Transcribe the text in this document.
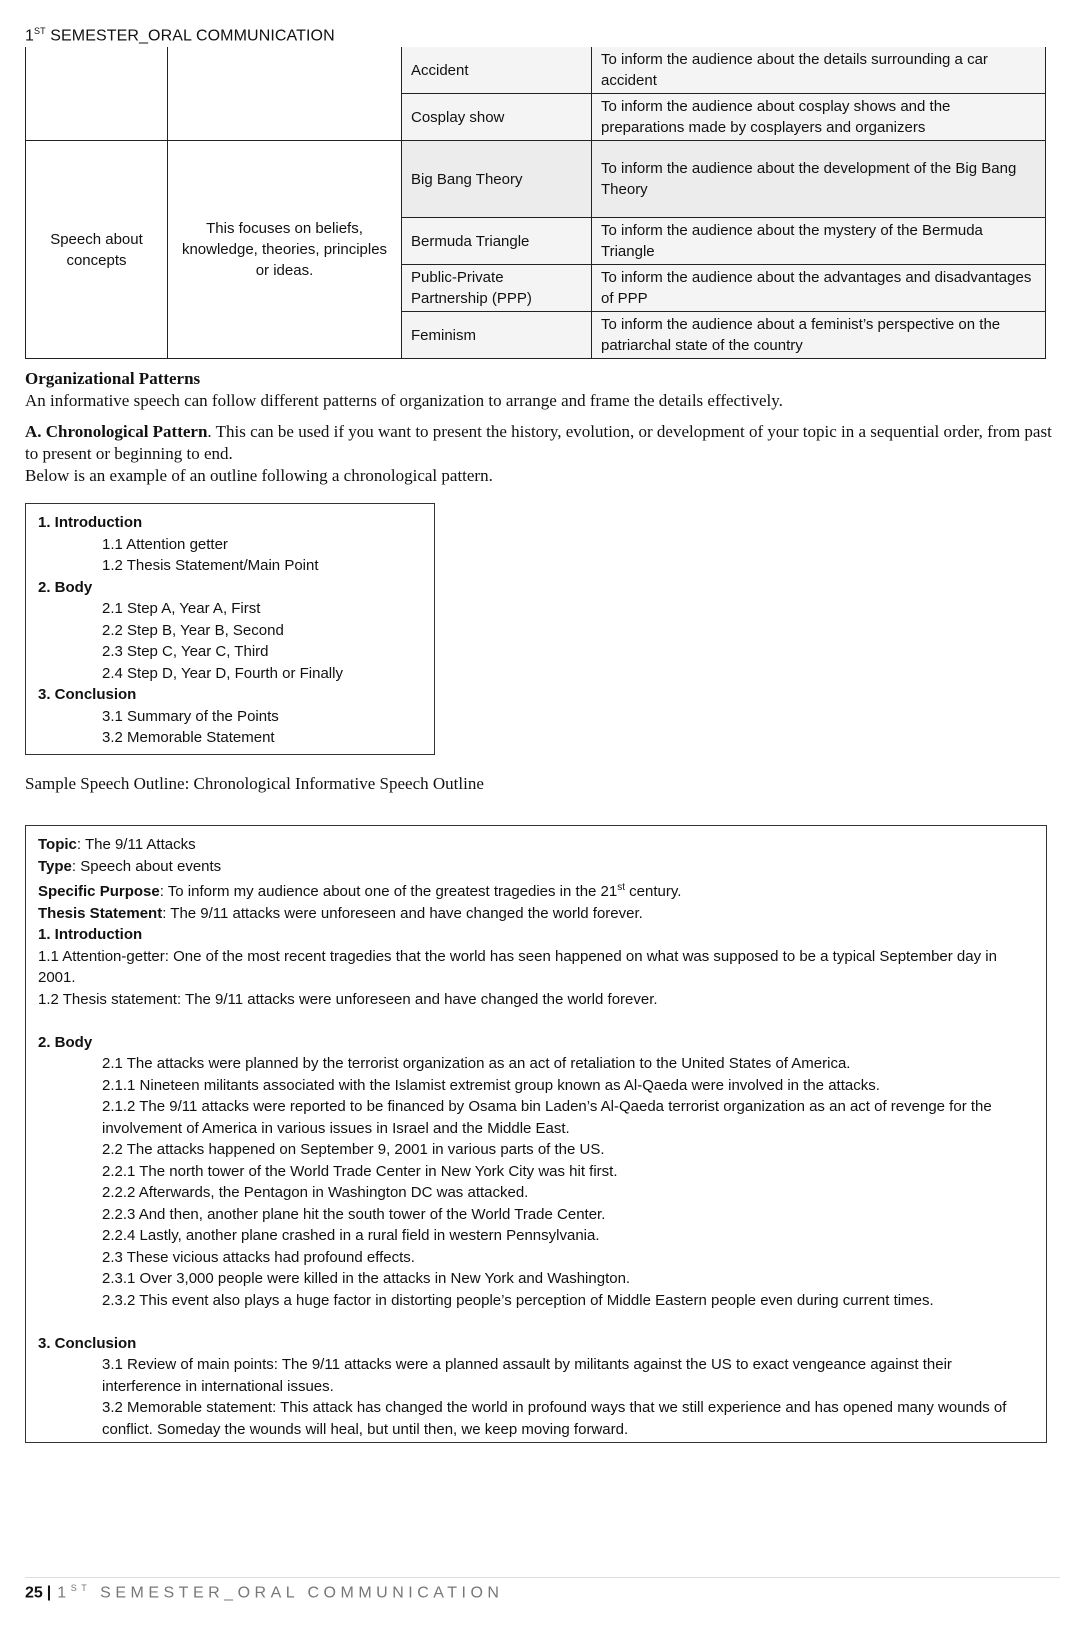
1ST SEMESTER_ORAL COMMUNICATION
		Accident	To inform the audience about the details surrounding a car accident
		Cosplay show	To inform the audience about cosplay shows and the preparations made by cosplayers and organizers
Speech about concepts	This focuses on beliefs, knowledge, theories, principles or ideas.	Big Bang Theory	To inform the audience about the development of the Big Bang Theory
		Bermuda Triangle	To inform the audience about the mystery of the Bermuda Triangle
		Public-Private Partnership (PPP)	To inform the audience about the advantages and disadvantages of PPP
		Feminism	To inform the audience about a feminist’s perspective on the patriarchal state of the country
Organizational Patterns
An informative speech can follow different patterns of organization to arrange and frame the details effectively.
A. Chronological Pattern. This can be used if you want to present the history, evolution, or development of your topic in a sequential order, from past to present or beginning to end.
Below is an example of an outline following a chronological pattern.
1. Introduction
1.1 Attention getter
1.2 Thesis Statement/Main Point
2. Body
2.1 Step A, Year A, First
2.2 Step B, Year B, Second
2.3 Step C, Year C, Third
2.4 Step D, Year D, Fourth or Finally
3. Conclusion
3.1 Summary of the Points
3.2 Memorable Statement
Sample Speech Outline: Chronological Informative Speech Outline
Topic: The 9/11 Attacks
Type: Speech about events
Specific Purpose: To inform my audience about one of the greatest tragedies in the 21st century.
Thesis Statement: The 9/11 attacks were unforeseen and have changed the world forever.
1. Introduction
1.1 Attention-getter: One of the most recent tragedies that the world has seen happened on what was supposed to be a typical September day in 2001.
1.2 Thesis statement: The 9/11 attacks were unforeseen and have changed the world forever.
2. Body
2.1 The attacks were planned by the terrorist organization as an act of retaliation to the United States of America.
2.1.1 Nineteen militants associated with the Islamist extremist group known as Al-Qaeda were involved in the attacks.
2.1.2 The 9/11 attacks were reported to be financed by Osama bin Laden’s Al-Qaeda terrorist organization as an act of revenge for the involvement of America in various issues in Israel and the Middle East.
2.2 The attacks happened on September 9, 2001 in various parts of the US.
2.2.1 The north tower of the World Trade Center in New York City was hit first.
2.2.2 Afterwards, the Pentagon in Washington DC was attacked.
2.2.3 And then, another plane hit the south tower of the World Trade Center.
2.2.4 Lastly, another plane crashed in a rural field in western Pennsylvania.
2.3 These vicious attacks had profound effects.
2.3.1 Over 3,000 people were killed in the attacks in New York and Washington.
2.3.2 This event also plays a huge factor in distorting people’s perception of Middle Eastern people even during current times.
3. Conclusion
3.1 Review of main points: The 9/11 attacks were a planned assault by militants against the US to exact vengeance against their interference in international issues.
3.2 Memorable statement: This attack has changed the world in profound ways that we still experience and has opened many wounds of conflict. Someday the wounds will heal, but until then, we keep moving forward.
25 | 1ST SEMESTER_ORAL COMMUNICATION
